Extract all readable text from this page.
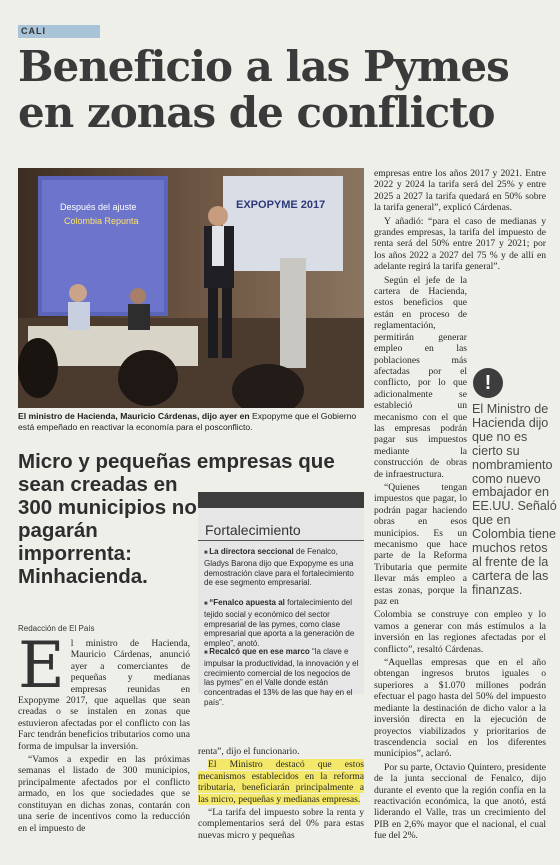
CALI
Beneficio a las Pymes en zonas de conflicto
Después del ajuste
Colombia Repunta
EXPOPYME 2017
El ministro de Hacienda, Mauricio Cárdenas, dijo ayer en Expopyme que el Gobierno está empeñado en reactivar la economía para el posconflicto.
Micro y pequeñas empresas que
sean creadas en 300 municipios no pagarán imporrenta: Minhacienda.
Redacción de El País

El ministro de Hacienda, Mauricio Cárdenas, anunció ayer a comerciantes de pequeñas y medianas empresas reunidas en Expopyme 2017, que aquellas que sean creadas o se instalen en zonas que estuvieron afectadas por el conflicto con las Farc tendrán beneficios tributarios como una forma de impulsar la inversión.

“Vamos a expedir en las próximas semanas el listado de 300 municipios, principalmente afectados por el conflicto armado, en los que sociedades que se constituyan en dichas zonas, contarán con una serie de incentivos como la reducción en el impuesto de

Fortalecimiento
■ La directora seccional de Fenalco, Gladys Barona dijo que Expopyme es una demostración clave para el fortalecimiento de ese segmento empresarial.
■ “Fenalco apuesta al fortalecimiento del tejido social y económico del sector empresarial de las pymes, como clase empresarial que aporta a la generación de empleo”, anotó.
■ Recalcó que en ese marco “la clave e impulsar la productividad, la innovación y el crecimiento comercial de los negocios de las pymes” en el Valle donde están concentradas el 13% de las que hay en el país”.

renta”, dijo el funcionario.

El Ministro destacó que estos mecanismos establecidos en la reforma tributaria, beneficiarán principalmente a las micro, pequeñas y medianas empresas.

“La tarifa del impuesto sobre la renta y complementarios será del 0% para estas nuevas micro y pequeñas

empresas entre los años 2017 y 2021. Entre 2022 y 2024 la tarifa será del 25% y entre 2025 a 2027 la tarifa quedará en 50% sobre la tarifa general”, explicó Cárdenas.

Y añadió: “para el caso de medianas y grandes empresas, la tarifa del impuesto de renta será del 50% entre 2017 y 2021; por los años 2022 a 2027 del 75 % y de allí en adelante regirá la tarifa general”.

Según el jefe de la cartera de Hacienda, estos beneficios que están en proceso de reglamentación, permitirán generar empleo en las poblaciones más afectadas por el conflicto, por lo que adicionalmente se estableció un mecanismo con el que las empresas podrán pagar sus impuestos mediante la construcción de obras de infraestructura.

“Quienes tengan impuestos que pagar, lo podrán pagar haciendo obras en esos municipios. Es un mecanismo que hace parte de la Reforma Tributaria que permite llevar más empleo a estas zonas, porque la paz en

Colombia se construye con empleo y lo vamos a generar con más estímulos a la inversión en las regiones afectadas por el conflicto”, resaltó Cárdenas.

“Aquellas empresas que en el año obtengan ingresos brutos iguales o superiores a $1.070 millones podrán efectuar el pago hasta del 50% del impuesto mediante la destinación de dicho valor a la inversión directa en la ejecución de proyectos viabilizados y prioritarios de trascendencia social en los diferentes municipios”, aclaró.

Por su parte, Octavio Quintero, presidente de la junta seccional de Fenalco, dijo durante el evento que la región confía en la reactivación económica, la que anotó, está liderando el Valle, tras un crecimiento del PIB en 2,6% mayor que el nacional, el cual fue del 2%.

!
El Ministro de Hacienda dijo que no es cierto su nombramiento como nuevo embajador en EE.UU. Señaló que en Colombia tiene muchos retos al frente de la cartera de las finanzas.
